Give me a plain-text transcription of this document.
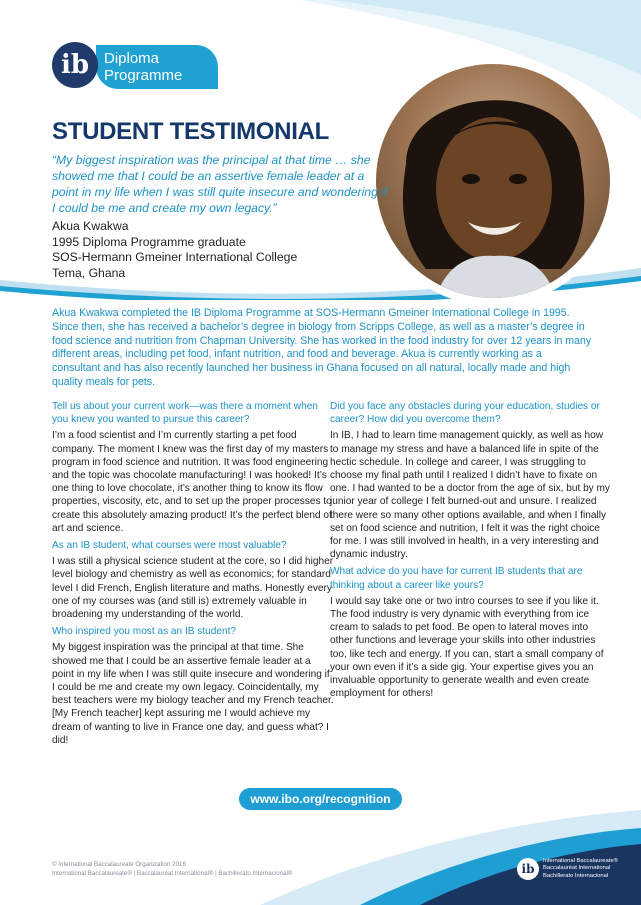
ib Diploma
Programme
STUDENT TESTIMONIAL
“My biggest inspiration was the principal at that time … she showed me that I could be an assertive female leader at a point in my life when I was still quite insecure and wondering if I could be me and create my own legacy.”
Akua Kwakwa
1995 Diploma Programme graduate
SOS-Hermann Gmeiner International College
Tema, Ghana
Akua Kwakwa completed the IB Diploma Programme at SOS-Hermann Gmeiner International College in 1995. Since then, she has received a bachelor’s degree in biology from Scripps College, as well as a master’s degree in food science and nutrition from Chapman University. She has worked in the food industry for over 12 years in many different areas, including pet food, infant nutrition, and food and beverage. Akua is currently working as a consultant and has also recently launched her business in Ghana focused on all natural, locally made and high quality meals for pets.
Tell us about your current work—was there a moment when you knew you wanted to pursue this career?
I’m a food scientist and I’m currently starting a pet food company. The moment I knew was the first day of my masters program in food science and nutrition. It was food engineering and the topic was chocolate manufacturing! I was hooked! It’s one thing to love chocolate, it’s another thing to know its flow properties, viscosity, etc, and to set up the proper processes to create this absolutely amazing product! It’s the perfect blend of art and science.
As an IB student, what courses were most valuable?
I was still a physical science student at the core, so I did higher level biology and chemistry as well as economics; for standard level I did French, English literature and maths. Honestly every one of my courses was (and still is) extremely valuable in broadening my understanding of the world.
Who inspired you most as an IB student?
My biggest inspiration was the principal at that time. She showed me that I could be an assertive female leader at a point in my life when I was still quite insecure and wondering if I could be me and create my own legacy. Coincidentally, my best teachers were my biology teacher and my French teacher. [My French teacher] kept assuring me I would achieve my dream of wanting to live in France one day, and guess what? I did!
Did you face any obstacles during your education, studies or career? How did you overcome them?
In IB, I had to learn time management quickly, as well as how to manage my stress and have a balanced life in spite of the hectic schedule. In college and career, I was struggling to choose my final path until I realized I didn’t have to fixate on one. I had wanted to be a doctor from the age of six, but by my junior year of college I felt burned-out and unsure. I realized there were so many other options available, and when I finally set on food science and nutrition, I felt it was the right choice for me. I was still involved in health, in a very interesting and dynamic industry.
What advice do you have for current IB students that are thinking about a career like yours?
I would say take one or two intro courses to see if you like it. The food industry is very dynamic with everything from ice cream to salads to pet food. Be open to lateral moves into other functions and leverage your skills into other industries too, like tech and energy. If you can, start a small company of your own even if it’s a side gig. Your expertise gives you an invaluable opportunity to generate wealth and even create employment for others!
www.ibo.org/recognition
© International Baccalaureate Organization 2016
International Baccalaureate® | Baccalauréat International® | Bachillerato Internacional®	ib
International Baccalaureate®
Baccalauréat International
Bachillerato Internacional
